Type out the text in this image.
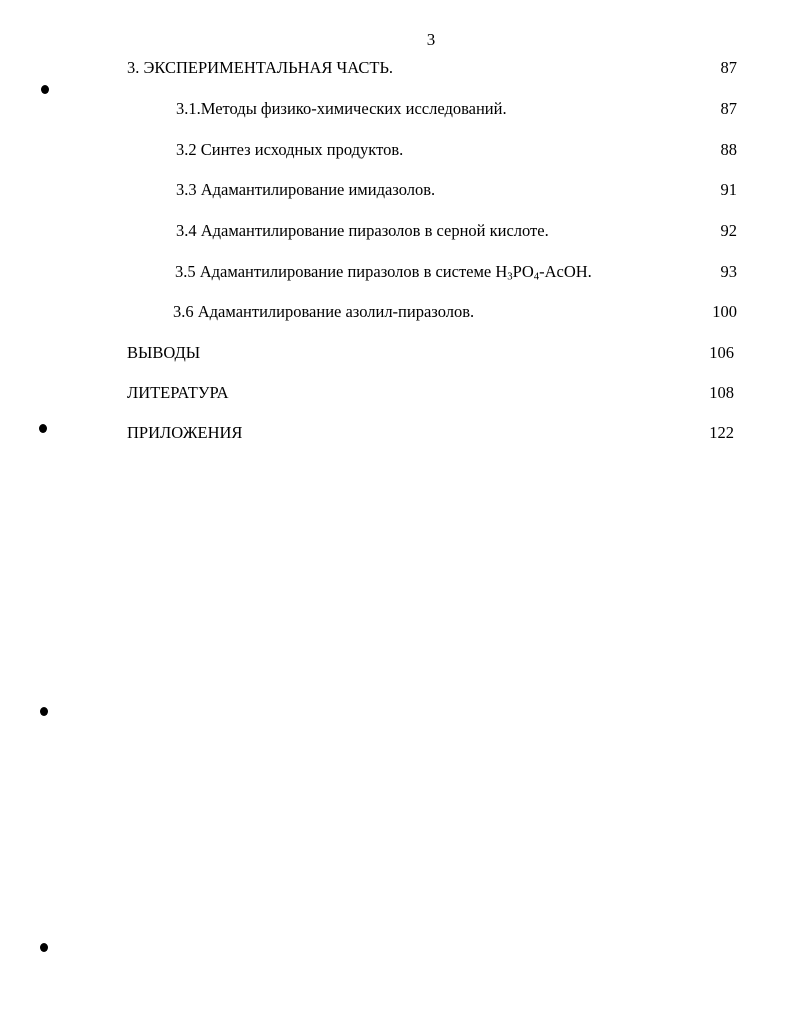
3
3. ЭКСПЕРИМЕНТАЛЬНАЯ ЧАСТЬ.	87
3.1.Методы физико-химических исследований.	87
3.2 Синтез исходных продуктов.	88
3.3 Адамантилирование имидазолов.	91
3.4 Адамантилирование пиразолов в серной кислоте.	92
3.5 Адамантилирование пиразолов в системе $H_3PO_4$-AcOH.	93
3.6 Адамантилирование азолил-пиразолов.	100
ВЫВОДЫ	106
ЛИТЕРАТУРА	108
ПРИЛОЖЕНИЯ	122
